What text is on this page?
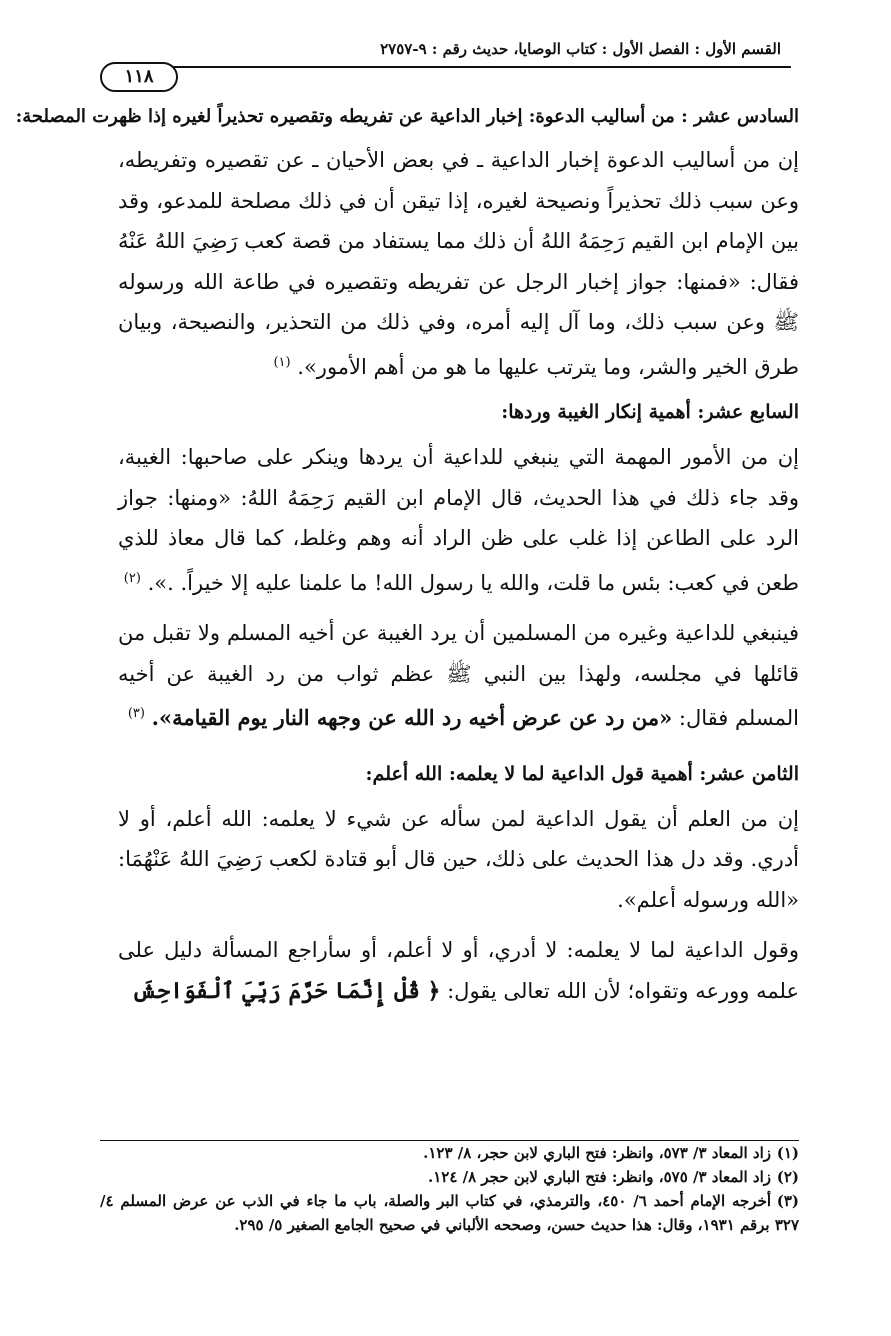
القسم الأول : الفصل الأول : كتاب الوصايا، حديث رقم : ٩-٢٧٥٧
١١٨
السادس عشر : من أساليب الدعوة: إخبار الداعية عن تفريطه وتقصيره تحذيراً لغيره إذا ظهرت المصلحة:

إن من أساليب الدعوة إخبار الداعية ـ في بعض الأحيان ـ عن تقصيره وتفريطه، وعن سبب ذلك تحذيراً ونصيحة لغيره، إذا تيقن أن في ذلك مصلحة للمدعو، وقد بين الإمام ابن القيم رَحِمَهُ اللهُ أن ذلك مما يستفاد من قصة كعب رَضِيَ اللهُ عَنْهُ فقال: «فمنها: جواز إخبار الرجل عن تفريطه وتقصيره في طاعة الله ورسوله ﷺ وعن سبب ذلك، وما آل إليه أمره، وفي ذلك من التحذير، والنصيحة، وبيان طرق الخير والشر، وما يترتب عليها ما هو من أهم الأمور». $^{(١)}$

السابع عشر: أهمية إنكار الغيبة وردها:

إن من الأمور المهمة التي ينبغي للداعية أن يردها وينكر على صاحبها: الغيبة، وقد جاء ذلك في هذا الحديث، قال الإمام ابن القيم رَحِمَهُ اللهُ: «ومنها: جواز الرد على الطاعن إذا غلب على ظن الراد أنه وهم وغلط، كما قال معاذ للذي طعن في كعب: بئس ما قلت، والله يا رسول الله! ما علمنا عليه إلا خيراً. .». $^{(٢)}$

فينبغي للداعية وغيره من المسلمين أن يرد الغيبة عن أخيه المسلم ولا تقبل من قائلها في مجلسه، ولهذا بين النبي ﷺ عظم ثواب من رد الغيبة عن أخيه المسلم فقال: «من رد عن عرض أخيه رد الله عن وجهه النار يوم القيامة». $^{(٣)}$

الثامن عشر: أهمية قول الداعية لما لا يعلمه: الله أعلم:

إن من العلم أن يقول الداعية لمن سأله عن شيء لا يعلمه: الله أعلم، أو لا أدري. وقد دل هذا الحديث على ذلك، حين قال أبو قتادة لكعب رَضِيَ اللهُ عَنْهُمَا: «الله ورسوله أعلم».

وقول الداعية لما لا يعلمه: لا أدري، أو لا أعلم، أو سأراجع المسألة دليل على علمه وورعه وتقواه؛ لأن الله تعالى يقول: ﴿ قُلْ إِنَّمَا حَرَّمَ رَبِّيَ ٱلْفَوَاحِشَ

(١)زاد المعاد ٣/ ٥٧٣، وانظر: فتح الباري لابن حجر، ٨/ ١٢٣.
(٢)زاد المعاد ٣/ ٥٧٥، وانظر: فتح الباري لابن حجر ٨/ ١٢٤.
(٣)أخرجه الإمام أحمد ٦/ ٤٥٠، والترمذي، في كتاب البر والصلة، باب ما جاء في الذب عن عرض المسلم ٤/ ٣٢٧ برقم ١٩٣١، وقال: هذا حديث حسن، وصححه الألباني في صحيح الجامع الصغير ٥/ ٢٩٥.
